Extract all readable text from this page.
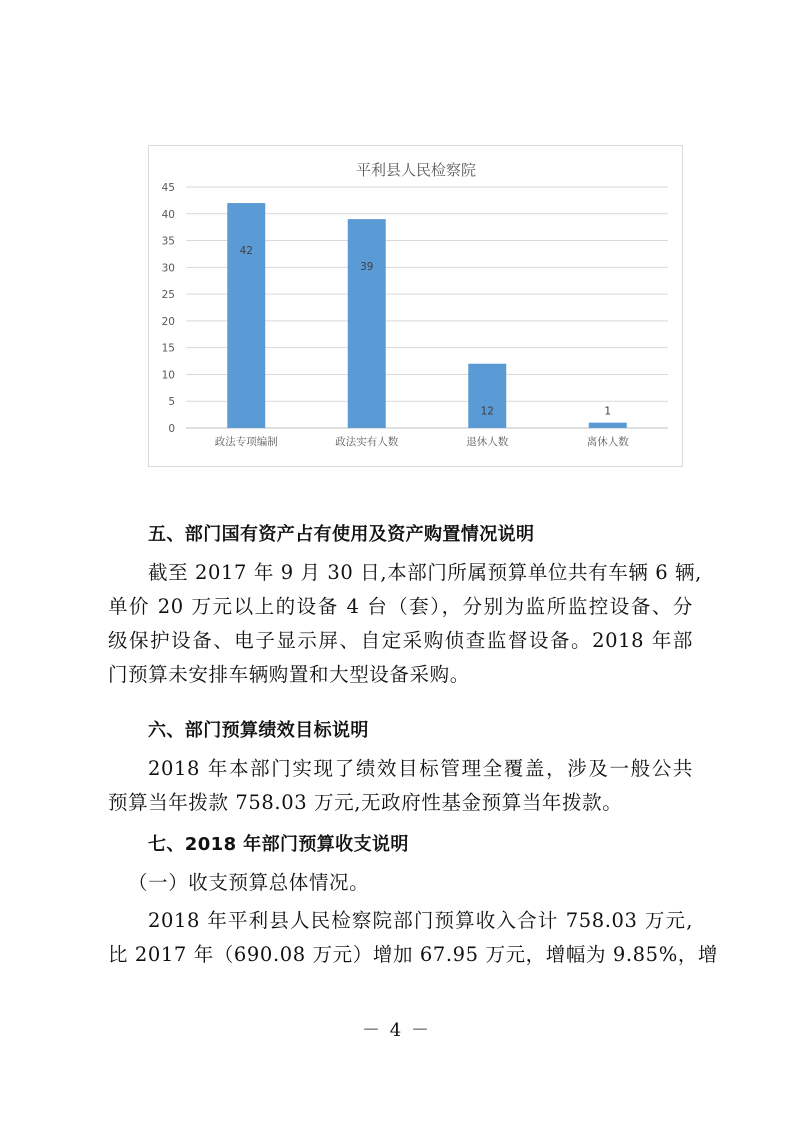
平利县人民检察院
0
5
10
15
20
25
30
35
40
45
政法专项编制
42
政法实有人数
39
退休人数
12
离休人数
1
五、部门国有资产占有使用及资产购置情况说明
截至 2017 年 9 月 30 日,本部门所属预算单位共有车辆 6 辆,
单价 20 万元以上的设备 4 台（套），分别为监所监控设备、分
级保护设备、电子显示屏、自定采购侦查监督设备。2018 年部
门预算未安排车辆购置和大型设备采购。
六、部门预算绩效目标说明
2018 年本部门实现了绩效目标管理全覆盖，涉及一般公共
预算当年拨款 758.03 万元,无政府性基金预算当年拨款。
七、2018 年部门预算收支说明
（一）收支预算总体情况。
2018 年平利县人民检察院部门预算收入合计 758.03 万元,
比 2017 年（690.08 万元）增加 67.95 万元，增幅为 9.85%，增
－ 4 －
